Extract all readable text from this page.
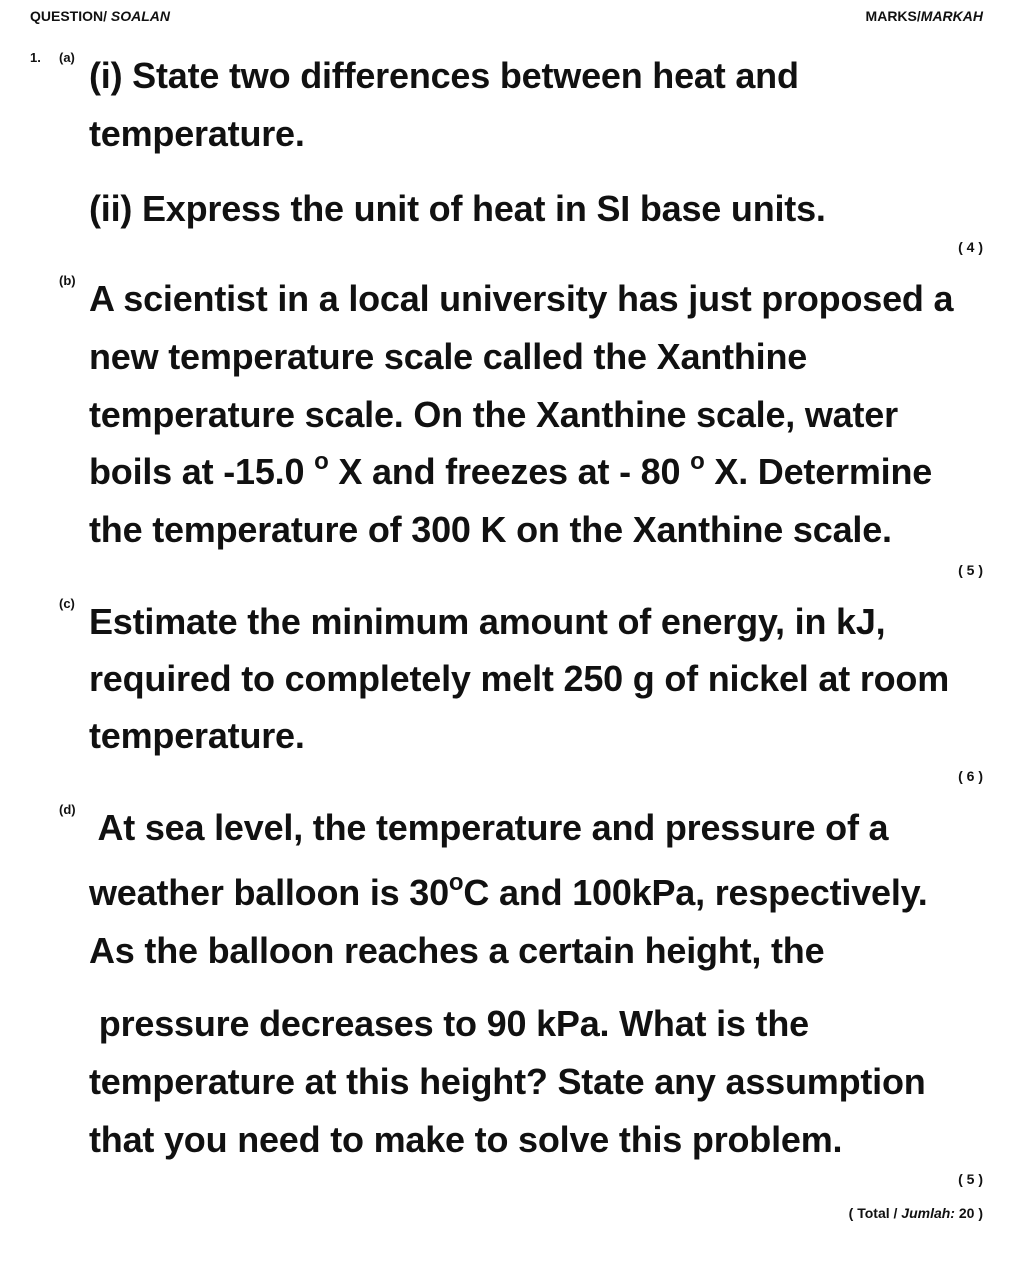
QUESTION/ SOALAN	MARKS/MARKAH
1. (a) (i) State two differences between heat and
temperature.
(ii) Express the unit of heat in SI base units.
( 4 )
(b) A scientist in a local university has just proposed a
new temperature scale called the Xanthine
temperature scale. On the Xanthine scale, water
boils at -15.0 $^o$ X and freezes at - 80 $^o$ X. Determine
the temperature of 300 K on the Xanthine scale.
( 5 )
(c) Estimate the minimum amount of energy, in kJ,
required to completely melt 250 g of nickel at room
temperature.
( 6 )
(d) At sea level, the temperature and pressure of a
weather balloon is 30$^o$C and 100kPa, respectively.
As the balloon reaches a certain height, the
pressure decreases to 90 kPa. What is the
temperature at this height? State any assumption
that you need to make to solve this problem.
( 5 )
( Total / Jumlah: 20 )
